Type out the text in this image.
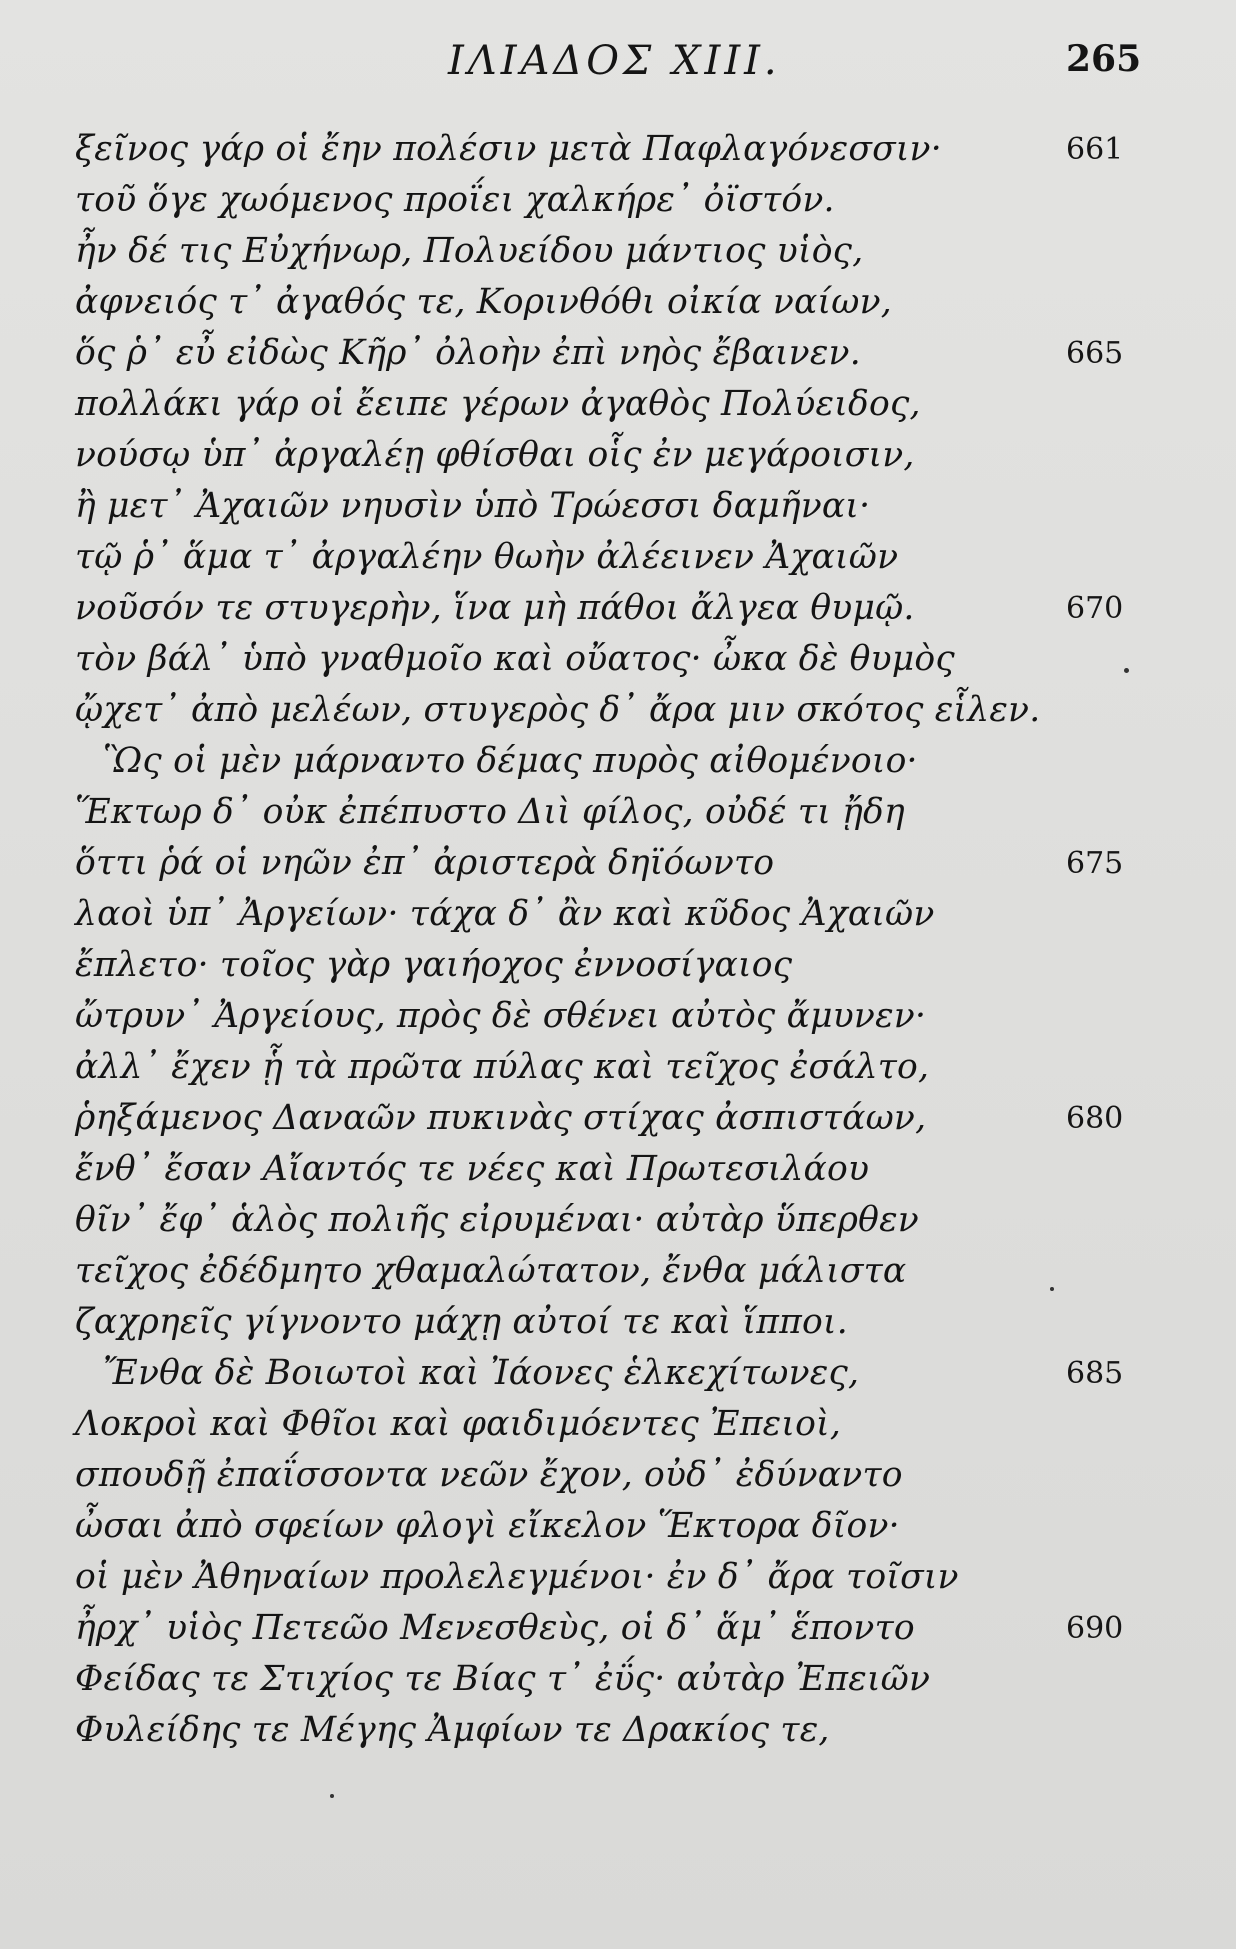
ΙΛΙΑΔΟΣ XIII.	265
ξεῖνος γάρ οἱ ἔην πολέσιν μετὰ Παφλαγόνεσσιν·	661
τοῦ ὅγε χωόμενος προΐει χαλκήρε᾽ ὀϊστόν.
ἦν δέ τις Εὐχήνωρ, Πολυείδου μάντιος υἱὸς,
ἀφνειός τ᾽ ἀγαθός τε, Κορινθόθι οἰκία ναίων,
ὅς ῥ᾽ εὖ εἰδὼς Κῆρ᾽ ὀλοὴν ἐπὶ νηὸς ἔβαινεν.	665
πολλάκι γάρ οἱ ἔειπε γέρων ἀγαθὸς Πολύειδος,
νούσῳ ὑπ᾽ ἀργαλέῃ φθίσθαι οἷς ἐν μεγάροισιν,
ἢ μετ᾽ Ἀχαιῶν νηυσὶν ὑπὸ Τρώεσσι δαμῆναι·
τῷ ῥ᾽ ἅμα τ᾽ ἀργαλέην θωὴν ἀλέεινεν Ἀχαιῶν
νοῦσόν τε στυγερὴν, ἵνα μὴ πάθοι ἄλγεα θυμῷ.	670
τὸν βάλ᾽ ὑπὸ γναθμοῖο καὶ οὔατος· ὦκα δὲ θυμὸς
ᾤχετ᾽ ἀπὸ μελέων, στυγερὸς δ᾽ ἄρα μιν σκότος εἷλεν.
Ὣς οἱ μὲν μάρναντο δέμας πυρὸς αἰθομένοιο·
Ἕκτωρ δ᾽ οὐκ ἐπέπυστο Διὶ φίλος, οὐδέ τι ᾔδη
ὅττι ῥά οἱ νηῶν ἐπ᾽ ἀριστερὰ δηϊόωντο	675
λαοὶ ὑπ᾽ Ἀργείων· τάχα δ᾽ ἂν καὶ κῦδος Ἀχαιῶν
ἔπλετο· τοῖος γὰρ γαιήοχος ἐννοσίγαιος
ὤτρυν᾽ Ἀργείους, πρὸς δὲ σθένει αὐτὸς ἄμυνεν·
ἀλλ᾽ ἔχεν ᾗ τὰ πρῶτα πύλας καὶ τεῖχος ἐσάλτο,
ῥηξάμενος Δαναῶν πυκινὰς στίχας ἀσπιστάων,	680
ἔνθ᾽ ἔσαν Αἴαντός τε νέες καὶ Πρωτεσιλάου
θῖν᾽ ἔφ᾽ ἁλὸς πολιῆς εἰρυμέναι· αὐτὰρ ὕπερθεν
τεῖχος ἐδέδμητο χθαμαλώτατον, ἔνθα μάλιστα
ζαχρηεῖς γίγνοντο μάχῃ αὐτοί τε καὶ ἵπποι.
Ἔνθα δὲ Βοιωτοὶ καὶ Ἰάονες ἑλκεχίτωνες,	685
Λοκροὶ καὶ Φθῖοι καὶ φαιδιμόεντες Ἐπειοὶ,
σπουδῇ ἐπαΐσσοντα νεῶν ἔχον, οὐδ᾽ ἐδύναντο
ὦσαι ἀπὸ σφείων φλογὶ εἴκελον Ἕκτορα δῖον·
οἱ μὲν Ἀθηναίων προλελεγμένοι· ἐν δ᾽ ἄρα τοῖσιν
ἦρχ᾽ υἱὸς Πετεῶο Μενεσθεὺς, οἱ δ᾽ ἅμ᾽ ἕποντο	690
Φείδας τε Στιχίος τε Βίας τ᾽ ἐΰς· αὐτὰρ Ἐπειῶν
Φυλείδης τε Μέγης Ἀμφίων τε Δρακίος τε,
